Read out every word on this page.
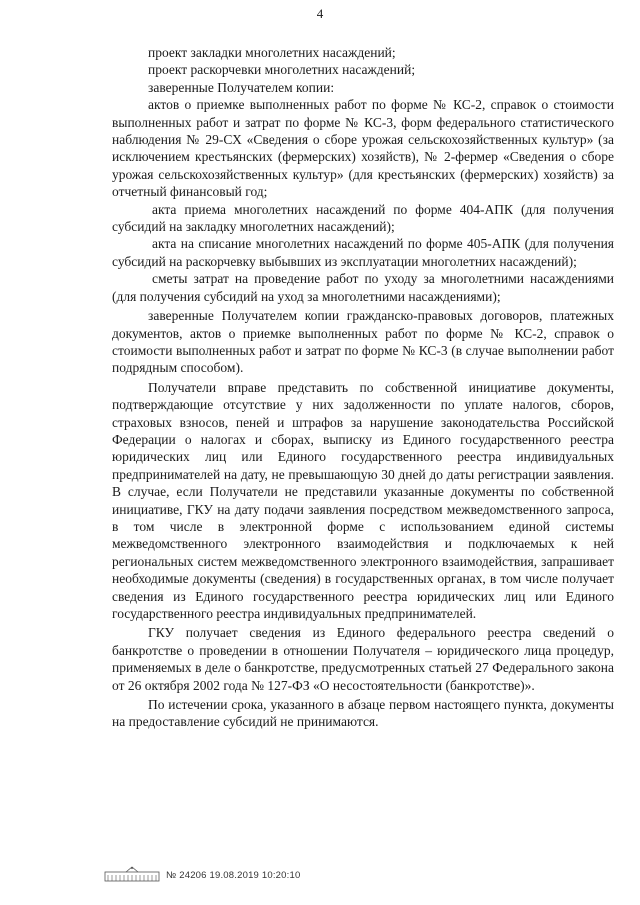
4

проект закладки многолетних насаждений;

проект раскорчевки многолетних насаждений;

заверенные Получателем копии:

актов о приемке выполненных работ по форме № КС-2, справок о стоимости выполненных работ и затрат по форме № КС-3, форм федерального статистического наблюдения № 29-СХ «Сведения о сборе урожая сельскохозяйственных культур» (за исключением крестьянских (фермерских) хозяйств), № 2-фермер «Сведения о сборе урожая сельскохозяйственных культур» (для крестьянских (фермерских) хозяйств) за отчетный финансовый год;

акта приема многолетних насаждений по форме 404-АПК (для получения субсидий на закладку многолетних насаждений);

акта на списание многолетних насаждений по форме 405-АПК (для получения субсидий на раскорчевку выбывших из эксплуатации многолетних насаждений);

сметы затрат на проведение работ по уходу за многолетними насаждениями (для получения субсидий на уход за многолетними насаждениями);

заверенные Получателем копии гражданско-правовых договоров, платежных документов, актов о приемке выполненных работ по форме № КС-2, справок о стоимости выполненных работ и затрат по форме № КС-3 (в случае выполнении работ подрядным способом).

Получатели вправе представить по собственной инициативе документы, подтверждающие отсутствие у них задолженности по уплате налогов, сборов, страховых взносов, пеней и штрафов за нарушение законодательства Российской Федерации о налогах и сборах, выписку из Единого государственного реестра юридических лиц или Единого государственного реестра индивидуальных предпринимателей на дату, не превышающую 30 дней до даты регистрации заявления. В случае, если Получатели не представили указанные документы по собственной инициативе, ГКУ на дату подачи заявления посредством межведомственного запроса, в том числе в электронной форме с использованием единой системы межведомственного электронного взаимодействия и подключаемых к ней региональных систем межведомственного электронного взаимодействия, запрашивает необходимые документы (сведения) в государственных органах, в том числе получает сведения из Единого государственного реестра юридических лиц или Единого государственного реестра индивидуальных предпринимателей.

ГКУ получает сведения из Единого федерального реестра сведений о банкротстве о проведении в отношении Получателя – юридического лица процедур, применяемых в деле о банкротстве, предусмотренных статьей 27 Федерального закона от 26 октября 2002 года № 127-ФЗ «О несостоятельности (банкротстве)».

По истечении срока, указанного в абзаце первом настоящего пункта, документы на предоставление субсидий не принимаются.

№ 24206 19.08.2019 10:20:10
